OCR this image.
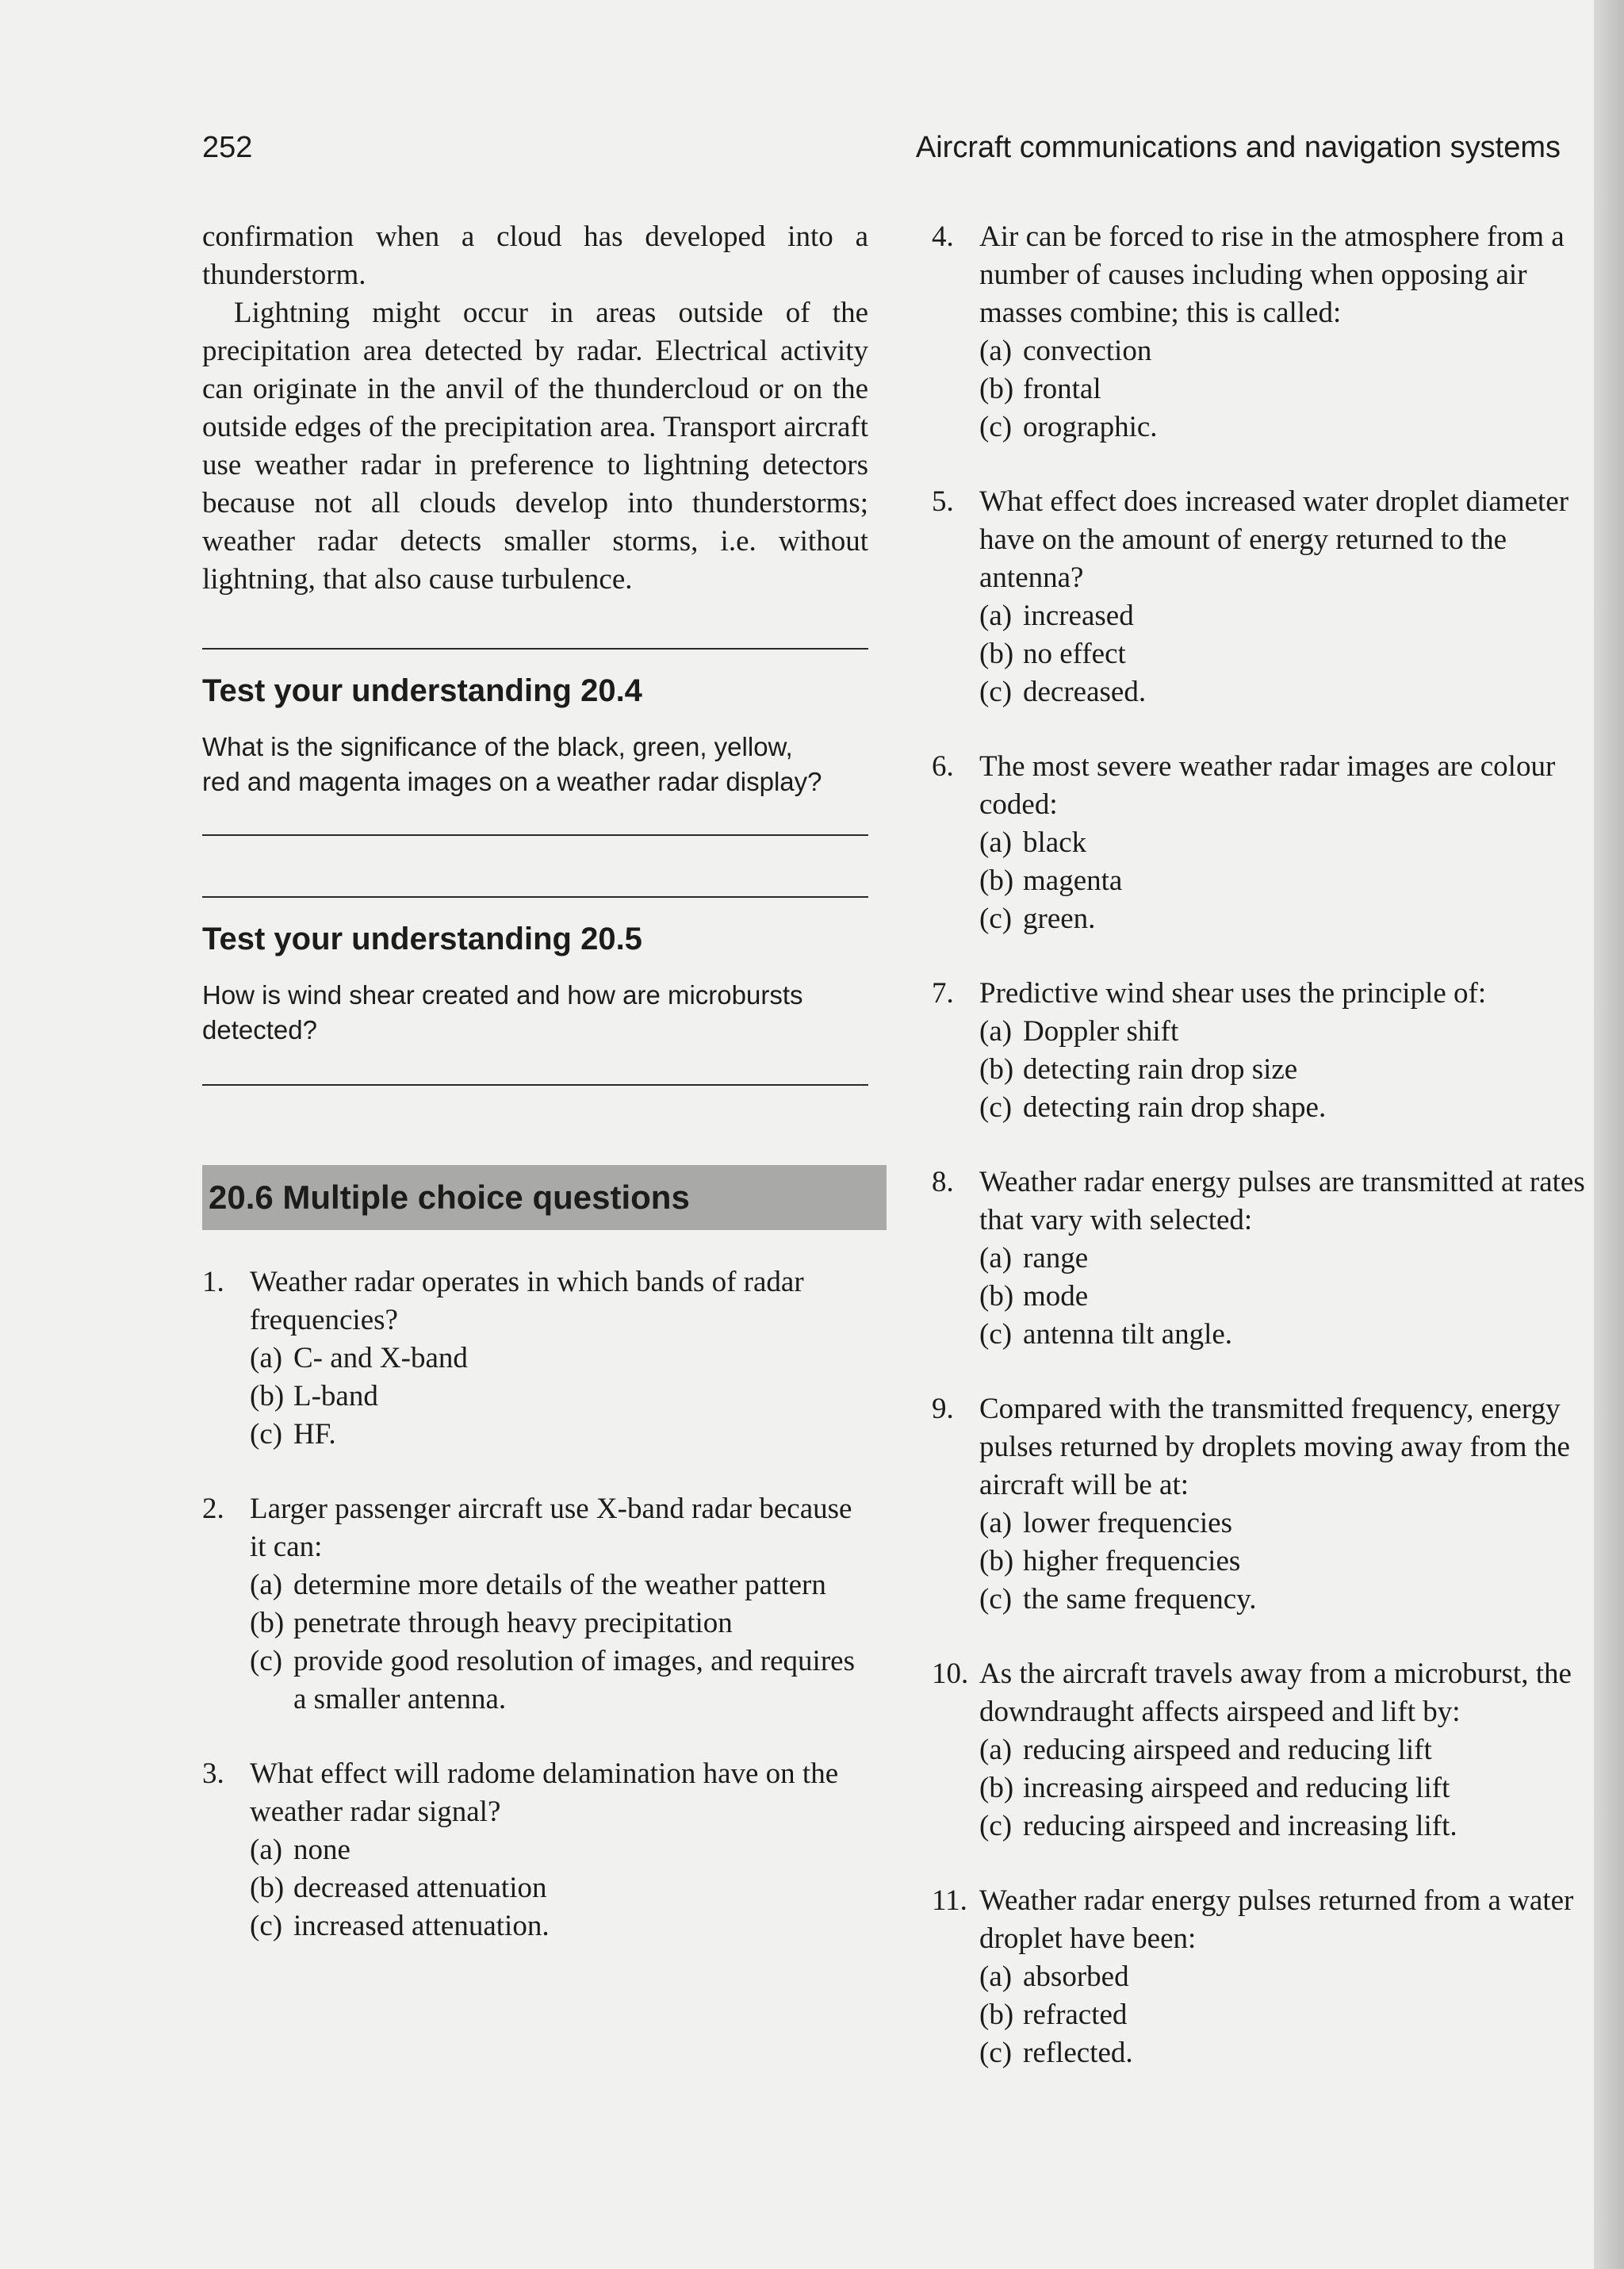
252	Aircraft communications and navigation systems

confirmation when a cloud has developed into a thunderstorm.

Lightning might occur in areas outside of the precipitation area detected by radar. Electrical activity can originate in the anvil of the thundercloud or on the outside edges of the precipitation area. Transport aircraft use weather radar in preference to lightning detectors because not all clouds develop into thunderstorms; weather radar detects smaller storms, i.e. without lightning, that also cause turbulence.

Test your understanding 20.4

What is the significance of the black, green, yellow, red and magenta images on a weather radar display?

Test your understanding 20.5

How is wind shear created and how are microbursts detected?

20.6 Multiple choice questions
1. Weather radar operates in which bands of radar frequencies?
(a) C- and X-band
(b) L-band
(c) HF.
2. Larger passenger aircraft use X-band radar because it can:
(a) determine more details of the weather pattern
(b) penetrate through heavy precipitation
(c) provide good resolution of images, and requires a smaller antenna.
3. What effect will radome delamination have on the weather radar signal?
(a) none
(b) decreased attenuation
(c) increased attenuation.
4. Air can be forced to rise in the atmosphere from a number of causes including when opposing air masses combine; this is called:
(a) convection
(b) frontal
(c) orographic.
5. What effect does increased water droplet diameter have on the amount of energy returned to the antenna?
(a) increased
(b) no effect
(c) decreased.
6. The most severe weather radar images are colour coded:
(a) black
(b) magenta
(c) green.
7. Predictive wind shear uses the principle of:
(a) Doppler shift
(b) detecting rain drop size
(c) detecting rain drop shape.
8. Weather radar energy pulses are transmitted at rates that vary with selected:
(a) range
(b) mode
(c) antenna tilt angle.
9. Compared with the transmitted frequency, energy pulses returned by droplets moving away from the aircraft will be at:
(a) lower frequencies
(b) higher frequencies
(c) the same frequency.
10. As the aircraft travels away from a microburst, the downdraught affects airspeed and lift by:
(a) reducing airspeed and reducing lift
(b) increasing airspeed and reducing lift
(c) reducing airspeed and increasing lift.
11. Weather radar energy pulses returned from a water droplet have been:
(a) absorbed
(b) refracted
(c) reflected.
